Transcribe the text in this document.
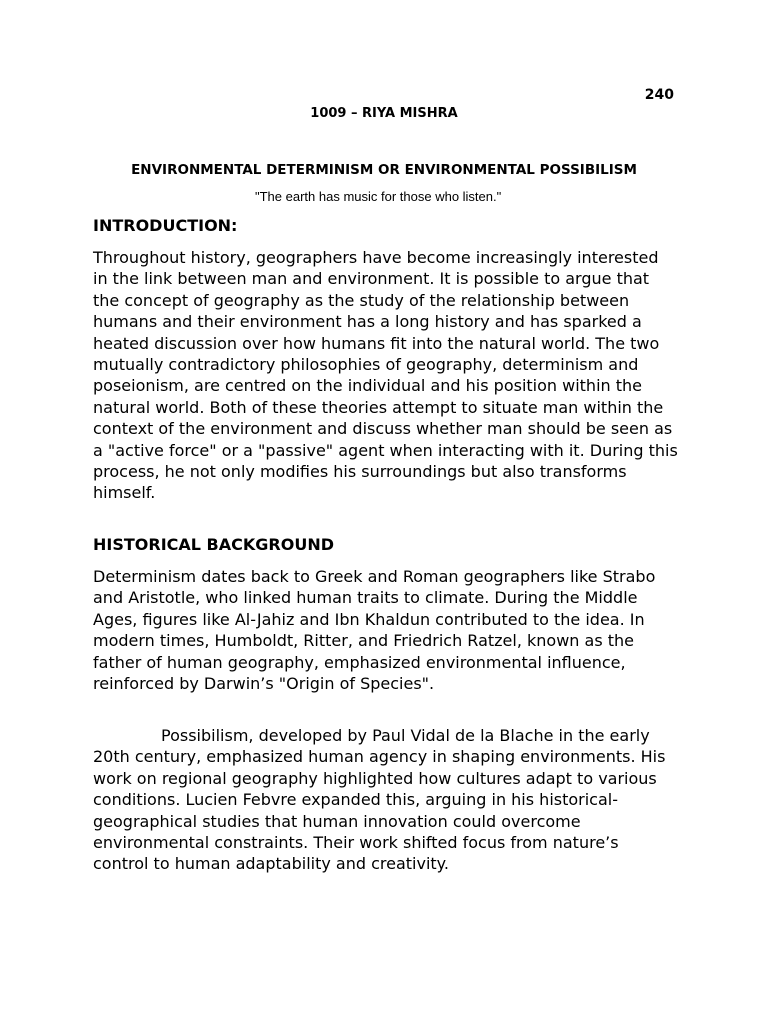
240
1009 – RIYA MISHRA
ENVIRONMENTAL DETERMINISM OR ENVIRONMENTAL POSSIBILISM
"The earth has music for those who listen."
INTRODUCTION:

Throughout history, geographers have become increasingly interested in the link between man and environment. It is possible to argue that the concept of geography as the study of the relationship between humans and their environment has a long history and has sparked a heated discussion over how humans fit into the natural world. The two mutually contradictory philosophies of geography, determinism and poseionism, are centred on the individual and his position within the natural world. Both of these theories attempt to situate man within the context of the environment and discuss whether man should be seen as a "active force" or a "passive" agent when interacting with it. During this process, he not only modifies his surroundings but also transforms himself.

HISTORICAL BACKGROUND

Determinism dates back to Greek and Roman geographers like Strabo and Aristotle, who linked human traits to climate. During the Middle Ages, figures like Al-Jahiz and Ibn Khaldun contributed to the idea. In modern times, Humboldt, Ritter, and Friedrich Ratzel, known as the father of human geography, emphasized environmental influence, reinforced by Darwin’s "Origin of Species".

Possibilism, developed by Paul Vidal de la Blache in the early 20th century, emphasized human agency in shaping environments. His work on regional geography highlighted how cultures adapt to various conditions. Lucien Febvre expanded this, arguing in his historical-geographical studies that human innovation could overcome environmental constraints. Their work shifted focus from nature’s control to human adaptability and creativity.
